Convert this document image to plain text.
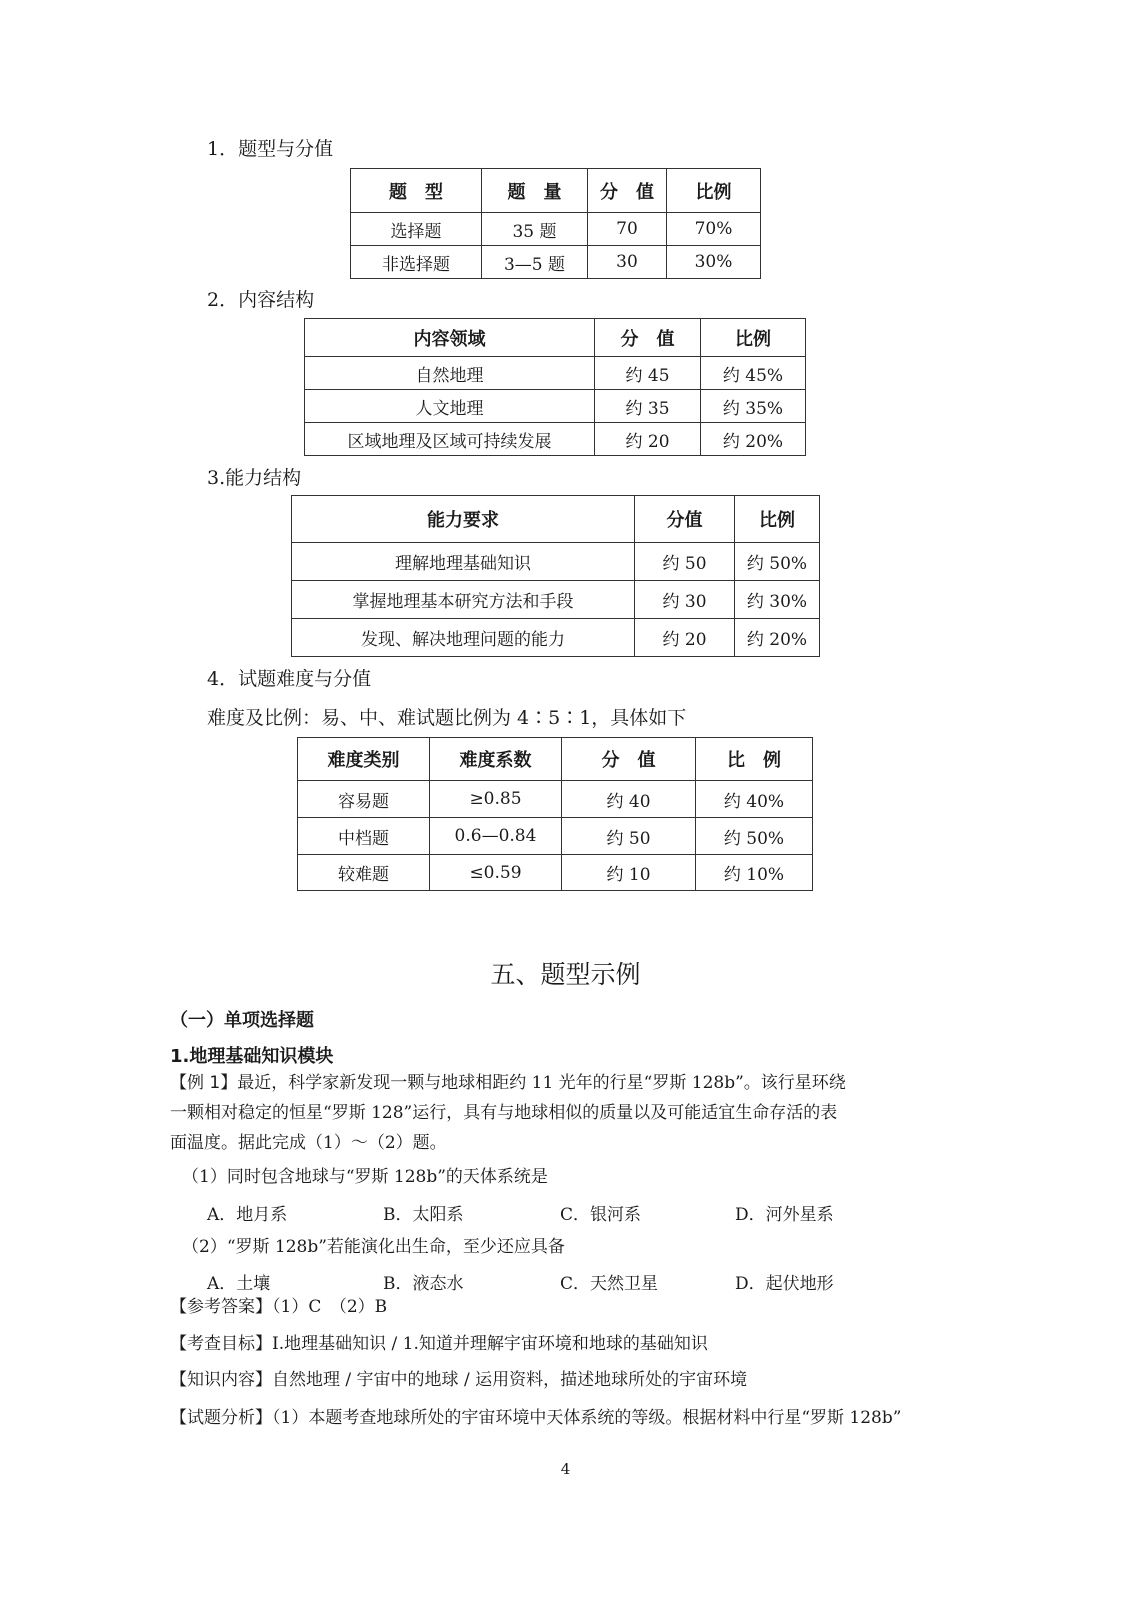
1．题型与分值
题　型	题　量	分　值	比例
选择题	35 题	70	70%
非选择题	3—5 题	30	30%
2．内容结构
内容领域	分　值	比例
自然地理	约 45	约 45%
人文地理	约 35	约 35%
区域地理及区域可持续发展	约 20	约 20%
3.能力结构
能力要求	分值	比例
理解地理基础知识	约 50	约 50%
掌握地理基本研究方法和手段	约 30	约 30%
发现、解决地理问题的能力	约 20	约 20%
4．试题难度与分值
难度及比例：易、中、难试题比例为 4∶5∶1，具体如下
难度类别	难度系数	分　值	比　例
容易题	≥0.85	约 40	约 40%
中档题	0.6—0.84	约 50	约 50%
较难题	≤0.59	约 10	约 10%
五、题型示例
（一）单项选择题
1.地理基础知识模块
【例 1】最近，科学家新发现一颗与地球相距约 11 光年的行星“罗斯 128b”。该行星环绕
一颗相对稳定的恒星“罗斯 128”运行，具有与地球相似的质量以及可能适宜生命存活的表
面温度。据此完成（1）～（2）题。
（1）同时包含地球与“罗斯 128b”的天体系统是
A．地月系	B．太阳系	C．银河系	D．河外星系
（2）“罗斯 128b”若能演化出生命，至少还应具备
A．土壤	B．液态水	C．天然卫星	D．起伏地形
【参考答案】（1）C　（2）B
【考查目标】I.地理基础知识 / 1.知道并理解宇宙环境和地球的基础知识
【知识内容】自然地理 / 宇宙中的地球 / 运用资料，描述地球所处的宇宙环境
【试题分析】（1）本题考查地球所处的宇宙环境中天体系统的等级。根据材料中行星“罗斯 128b”
4
